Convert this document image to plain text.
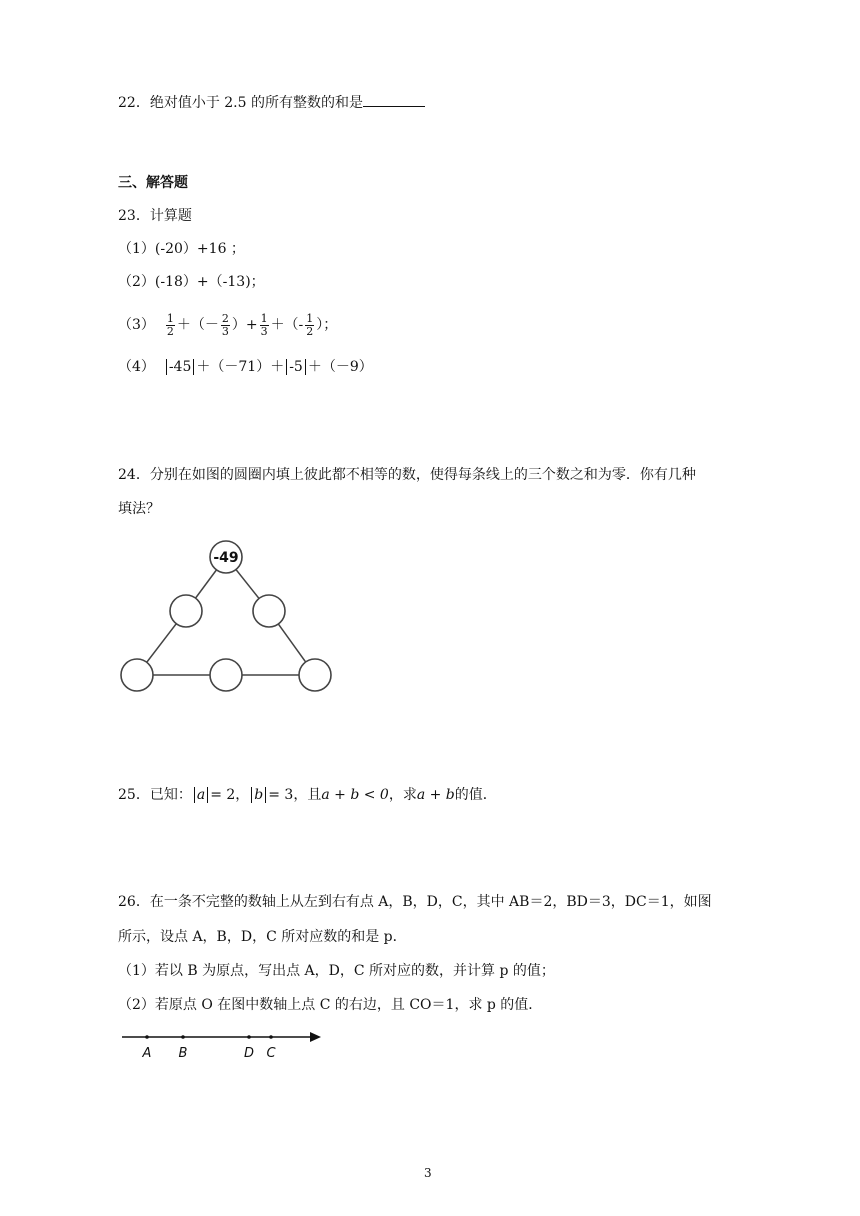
22．绝对值小于 2.5 的所有整数的和是
三、解答题
23．计算题
（1）(-20）+16 ；
（2）(-18）+（-13)；
$(3) \frac{1}{2}$ ＋（－ $\frac{2}{3}$ ）+ $\frac{1}{3}$ ＋（- $\frac{1}{2}$ ）；
（4） -45 ＋（－71）＋ -5 ＋（－9）
24．分别在如图的圆圈内填上彼此都不相等的数，使得每条线上的三个数之和为零．你有几种
填法？
-49
25．已知： a = 2， b = 3，且a + b < 0，求a + b的值．
26．在一条不完整的数轴上从左到右有点 A，B，D，C，其中 AB＝2，BD＝3，DC＝1，如图
所示，设点 A，B，D，C 所对应数的和是 p．
（1）若以 B 为原点，写出点 A，D，C 所对应的数，并计算 p 的值；
（2）若原点 O 在图中数轴上点 C 的右边，且 CO＝1，求 p 的值．
A B	D C
3
